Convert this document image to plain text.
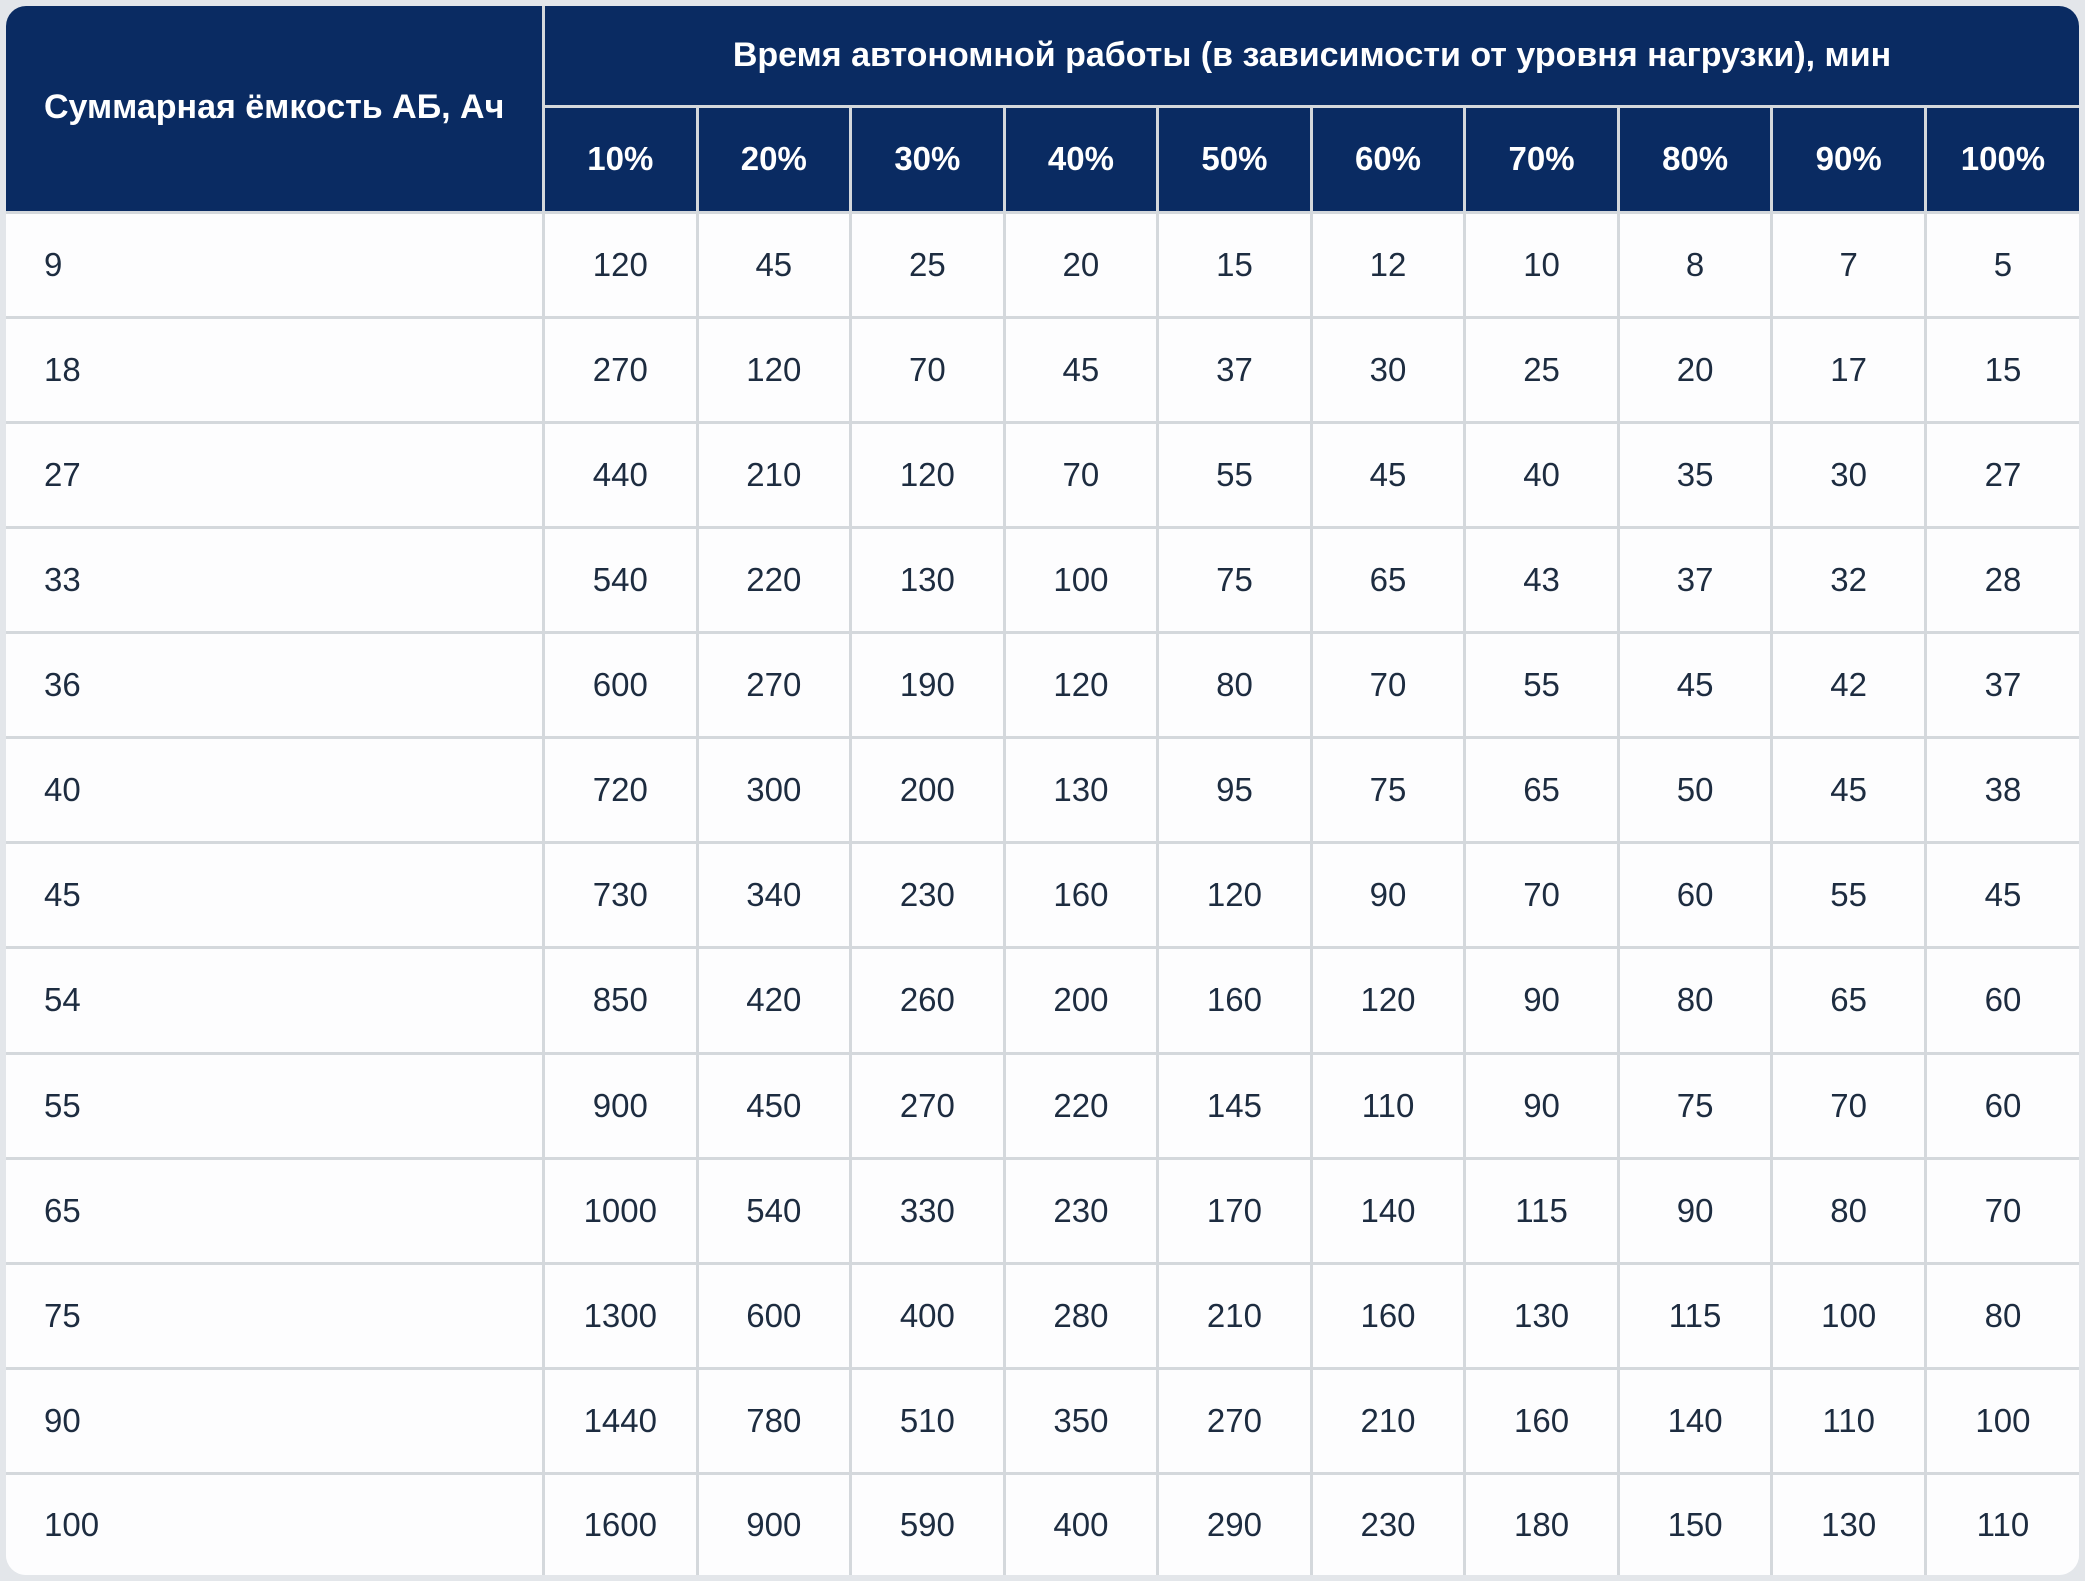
Суммарная ёмкость АБ, Ач	Время автономной работы (в зависимости от уровня нагрузки), мин									
	10%	20%	30%	40%	50%	60%	70%	80%	90%	100%
9	120	45	25	20	15	12	10	8	7	5
18	270	120	70	45	37	30	25	20	17	15
27	440	210	120	70	55	45	40	35	30	27
33	540	220	130	100	75	65	43	37	32	28
36	600	270	190	120	80	70	55	45	42	37
40	720	300	200	130	95	75	65	50	45	38
45	730	340	230	160	120	90	70	60	55	45
54	850	420	260	200	160	120	90	80	65	60
55	900	450	270	220	145	110	90	75	70	60
65	1000	540	330	230	170	140	115	90	80	70
75	1300	600	400	280	210	160	130	115	100	80
90	1440	780	510	350	270	210	160	140	110	100
100	1600	900	590	400	290	230	180	150	130	110
